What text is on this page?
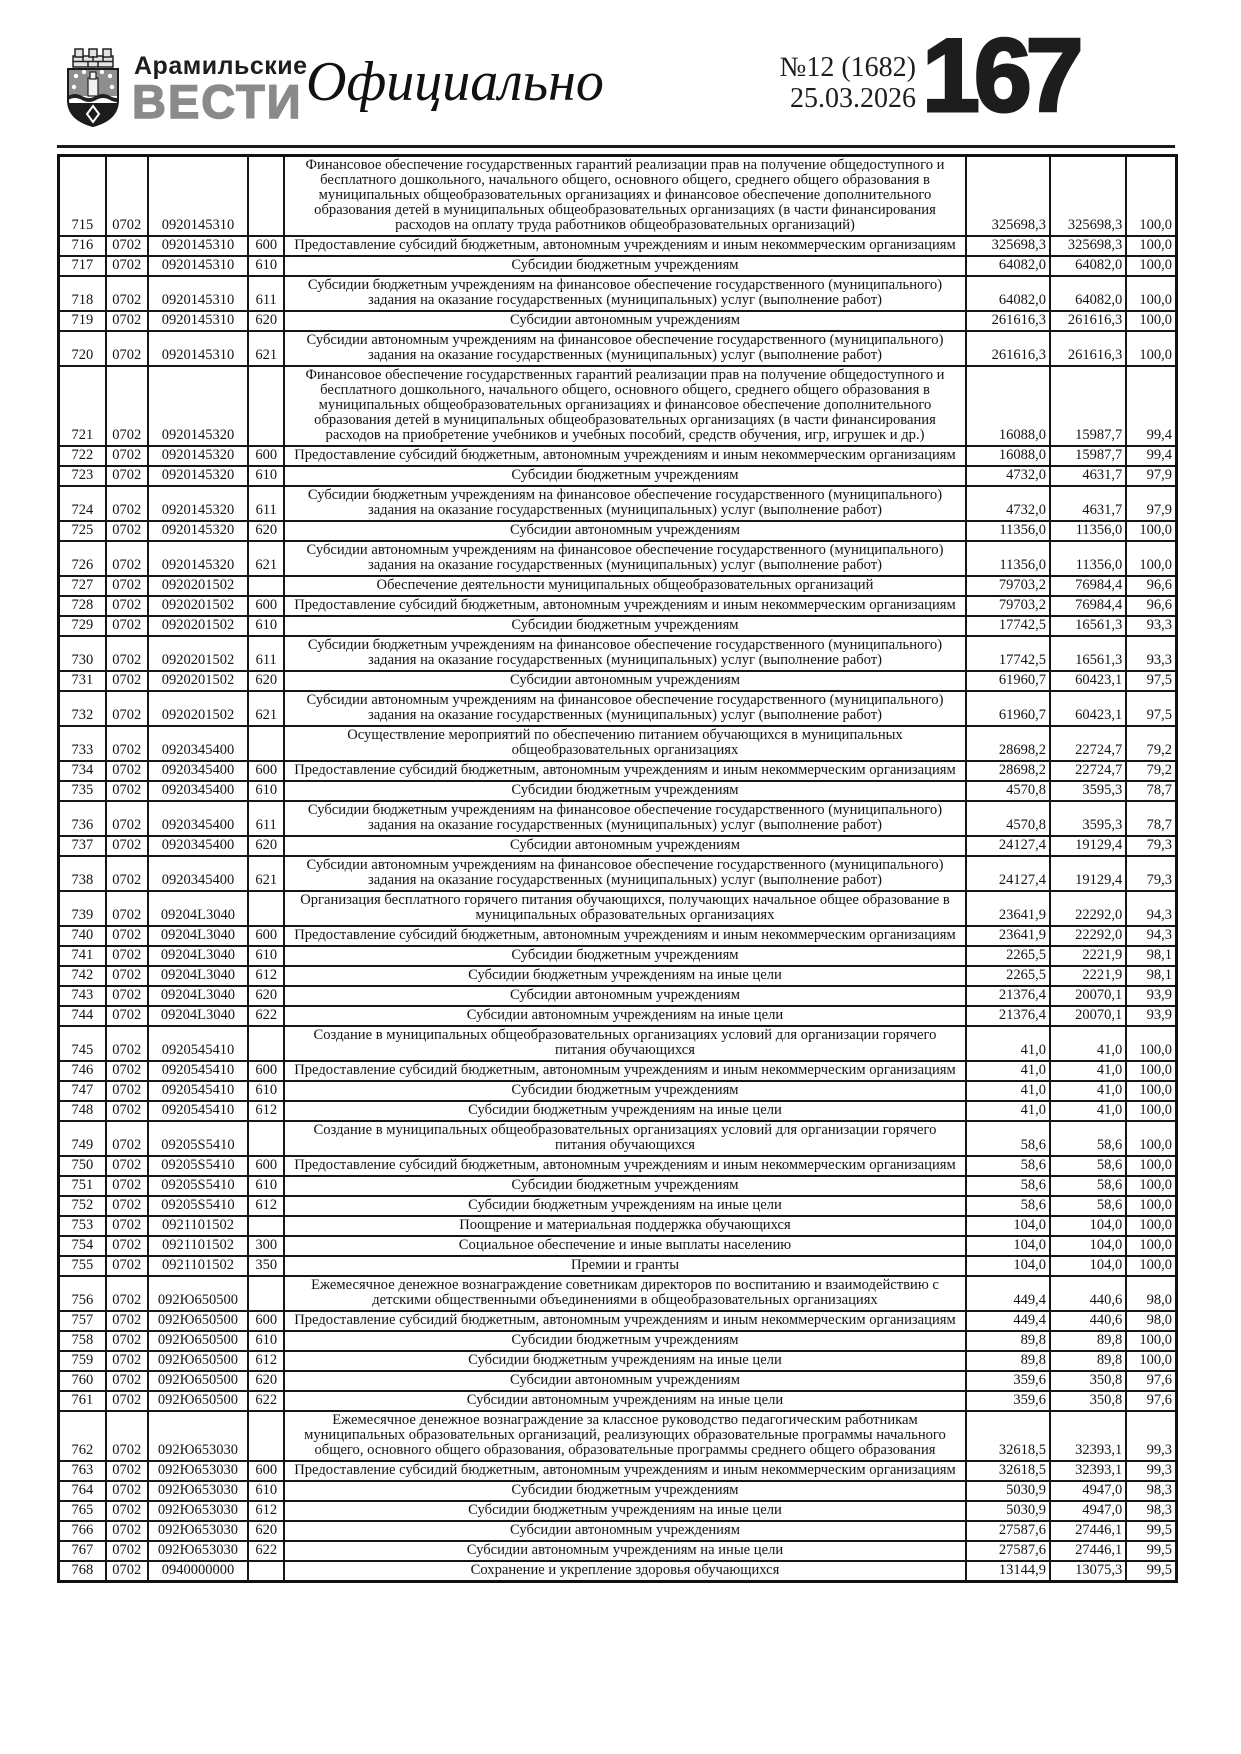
Арамильские
ВЕСТИ Официально	№12 (1682)
25.03.2026 167
715	0702	0920145310		Финансовое обеспечение государственных гарантий реализации прав на получение общедоступного и бесплатного дошкольного, начального общего, основного общего, среднего общего образования в муниципальных общеобразовательных организациях и финансовое обеспечение дополнительного образования детей в муниципальных общеобразовательных организациях (в части финансирования расходов на оплату труда работников общеобразовательных организаций)	325698,3	325698,3	100,0
716	0702	0920145310	600	Предоставление субсидий бюджетным, автономным учреждениям и иным некоммерческим организациям	325698,3	325698,3	100,0
717	0702	0920145310	610	Субсидии бюджетным учреждениям	64082,0	64082,0	100,0
718	0702	0920145310	611	Субсидии бюджетным учреждениям на финансовое обеспечение государственного (муниципального) задания на оказание государственных (муниципальных) услуг (выполнение работ)	64082,0	64082,0	100,0
719	0702	0920145310	620	Субсидии автономным учреждениям	261616,3	261616,3	100,0
720	0702	0920145310	621	Субсидии автономным учреждениям на финансовое обеспечение государственного (муниципального) задания на оказание государственных (муниципальных) услуг (выполнение работ)	261616,3	261616,3	100,0
721	0702	0920145320		Финансовое обеспечение государственных гарантий реализации прав на получение общедоступного и бесплатного дошкольного, начального общего, основного общего, среднего общего образования в муниципальных общеобразовательных организациях и финансовое обеспечение дополнительного образования детей в муниципальных общеобразовательных организациях (в части финансирования расходов на приобретение учебников и учебных пособий, средств обучения, игр, игрушек и др.)	16088,0	15987,7	99,4
722	0702	0920145320	600	Предоставление субсидий бюджетным, автономным учреждениям и иным некоммерческим организациям	16088,0	15987,7	99,4
723	0702	0920145320	610	Субсидии бюджетным учреждениям	4732,0	4631,7	97,9
724	0702	0920145320	611	Субсидии бюджетным учреждениям на финансовое обеспечение государственного (муниципального) задания на оказание государственных (муниципальных) услуг (выполнение работ)	4732,0	4631,7	97,9
725	0702	0920145320	620	Субсидии автономным учреждениям	11356,0	11356,0	100,0
726	0702	0920145320	621	Субсидии автономным учреждениям на финансовое обеспечение государственного (муниципального) задания на оказание государственных (муниципальных) услуг (выполнение работ)	11356,0	11356,0	100,0
727	0702	0920201502		Обеспечение деятельности муниципальных общеобразовательных организаций	79703,2	76984,4	96,6
728	0702	0920201502	600	Предоставление субсидий бюджетным, автономным учреждениям и иным некоммерческим организациям	79703,2	76984,4	96,6
729	0702	0920201502	610	Субсидии бюджетным учреждениям	17742,5	16561,3	93,3
730	0702	0920201502	611	Субсидии бюджетным учреждениям на финансовое обеспечение государственного (муниципального) задания на оказание государственных (муниципальных) услуг (выполнение работ)	17742,5	16561,3	93,3
731	0702	0920201502	620	Субсидии автономным учреждениям	61960,7	60423,1	97,5
732	0702	0920201502	621	Субсидии автономным учреждениям на финансовое обеспечение государственного (муниципального) задания на оказание государственных (муниципальных) услуг (выполнение работ)	61960,7	60423,1	97,5
733	0702	0920345400		Осуществление мероприятий по обеспечению питанием обучающихся в муниципальных общеобразовательных организациях	28698,2	22724,7	79,2
734	0702	0920345400	600	Предоставление субсидий бюджетным, автономным учреждениям и иным некоммерческим организациям	28698,2	22724,7	79,2
735	0702	0920345400	610	Субсидии бюджетным учреждениям	4570,8	3595,3	78,7
736	0702	0920345400	611	Субсидии бюджетным учреждениям на финансовое обеспечение государственного (муниципального) задания на оказание государственных (муниципальных) услуг (выполнение работ)	4570,8	3595,3	78,7
737	0702	0920345400	620	Субсидии автономным учреждениям	24127,4	19129,4	79,3
738	0702	0920345400	621	Субсидии автономным учреждениям на финансовое обеспечение государственного (муниципального) задания на оказание государственных (муниципальных) услуг (выполнение работ)	24127,4	19129,4	79,3
739	0702	09204L3040		Организация бесплатного горячего питания обучающихся, получающих начальное общее образование в муниципальных образовательных организациях	23641,9	22292,0	94,3
740	0702	09204L3040	600	Предоставление субсидий бюджетным, автономным учреждениям и иным некоммерческим организациям	23641,9	22292,0	94,3
741	0702	09204L3040	610	Субсидии бюджетным учреждениям	2265,5	2221,9	98,1
742	0702	09204L3040	612	Субсидии бюджетным учреждениям на иные цели	2265,5	2221,9	98,1
743	0702	09204L3040	620	Субсидии автономным учреждениям	21376,4	20070,1	93,9
744	0702	09204L3040	622	Субсидии автономным учреждениям на иные цели	21376,4	20070,1	93,9
745	0702	0920545410		Создание в муниципальных общеобразовательных организациях условий для организации горячего питания обучающихся	41,0	41,0	100,0
746	0702	0920545410	600	Предоставление субсидий бюджетным, автономным учреждениям и иным некоммерческим организациям	41,0	41,0	100,0
747	0702	0920545410	610	Субсидии бюджетным учреждениям	41,0	41,0	100,0
748	0702	0920545410	612	Субсидии бюджетным учреждениям на иные цели	41,0	41,0	100,0
749	0702	09205S5410		Создание в муниципальных общеобразовательных организациях условий для организации горячего питания обучающихся	58,6	58,6	100,0
750	0702	09205S5410	600	Предоставление субсидий бюджетным, автономным учреждениям и иным некоммерческим организациям	58,6	58,6	100,0
751	0702	09205S5410	610	Субсидии бюджетным учреждениям	58,6	58,6	100,0
752	0702	09205S5410	612	Субсидии бюджетным учреждениям на иные цели	58,6	58,6	100,0
753	0702	0921101502		Поощрение и материальная поддержка обучающихся	104,0	104,0	100,0
754	0702	0921101502	300	Социальное обеспечение и иные выплаты населению	104,0	104,0	100,0
755	0702	0921101502	350	Премии и гранты	104,0	104,0	100,0
756	0702	092Ю650500		Ежемесячное денежное вознаграждение советникам директоров по воспитанию и взаимодействию с детскими общественными объединениями в общеобразовательных организациях	449,4	440,6	98,0
757	0702	092Ю650500	600	Предоставление субсидий бюджетным, автономным учреждениям и иным некоммерческим организациям	449,4	440,6	98,0
758	0702	092Ю650500	610	Субсидии бюджетным учреждениям	89,8	89,8	100,0
759	0702	092Ю650500	612	Субсидии бюджетным учреждениям на иные цели	89,8	89,8	100,0
760	0702	092Ю650500	620	Субсидии автономным учреждениям	359,6	350,8	97,6
761	0702	092Ю650500	622	Субсидии автономным учреждениям на иные цели	359,6	350,8	97,6
762	0702	092Ю653030		Ежемесячное денежное вознаграждение за классное руководство педагогическим работникам муниципальных образовательных организаций, реализующих образовательные программы начального общего, основного общего образования, образовательные программы среднего общего образования	32618,5	32393,1	99,3
763	0702	092Ю653030	600	Предоставление субсидий бюджетным, автономным учреждениям и иным некоммерческим организациям	32618,5	32393,1	99,3
764	0702	092Ю653030	610	Субсидии бюджетным учреждениям	5030,9	4947,0	98,3
765	0702	092Ю653030	612	Субсидии бюджетным учреждениям на иные цели	5030,9	4947,0	98,3
766	0702	092Ю653030	620	Субсидии автономным учреждениям	27587,6	27446,1	99,5
767	0702	092Ю653030	622	Субсидии автономным учреждениям на иные цели	27587,6	27446,1	99,5
768	0702	0940000000		Сохранение и укрепление здоровья обучающихся	13144,9	13075,3	99,5
